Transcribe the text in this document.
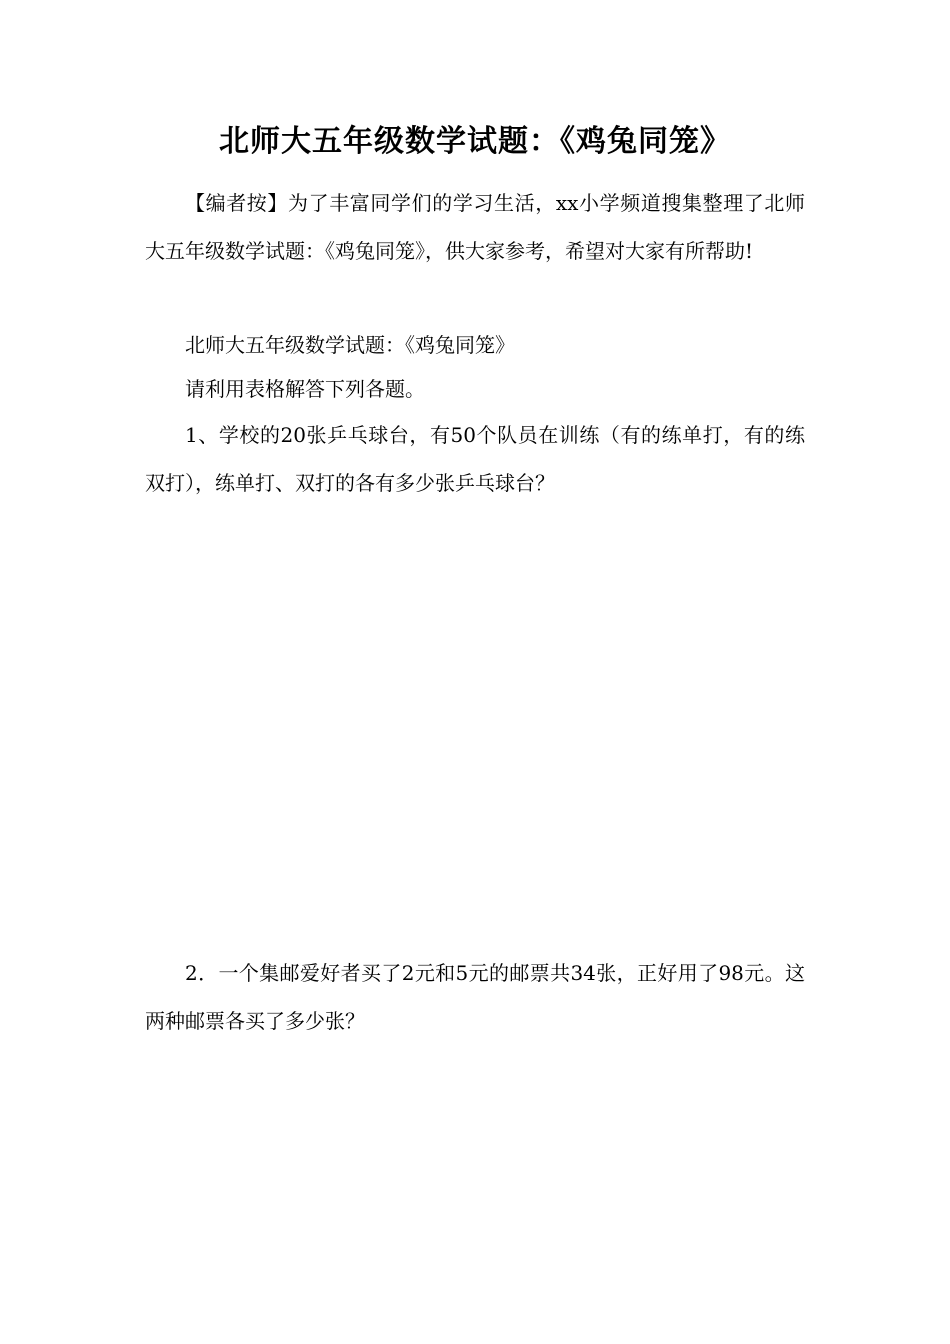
北师大五年级数学试题：《鸡兔同笼》

【编者按】为了丰富同学们的学习生活，xx小学频道搜集整理了北师大五年级数学试题：《鸡兔同笼》，供大家参考，希望对大家有所帮助!

北师大五年级数学试题：《鸡兔同笼》

请利用表格解答下列各题。

1、学校的20张乒乓球台，有50个队员在训练（有的练单打，有的练双打），练单打、双打的各有多少张乒乓球台？

2．一个集邮爱好者买了2元和5元的邮票共34张，正好用了98元。这两种邮票各买了多少张？
